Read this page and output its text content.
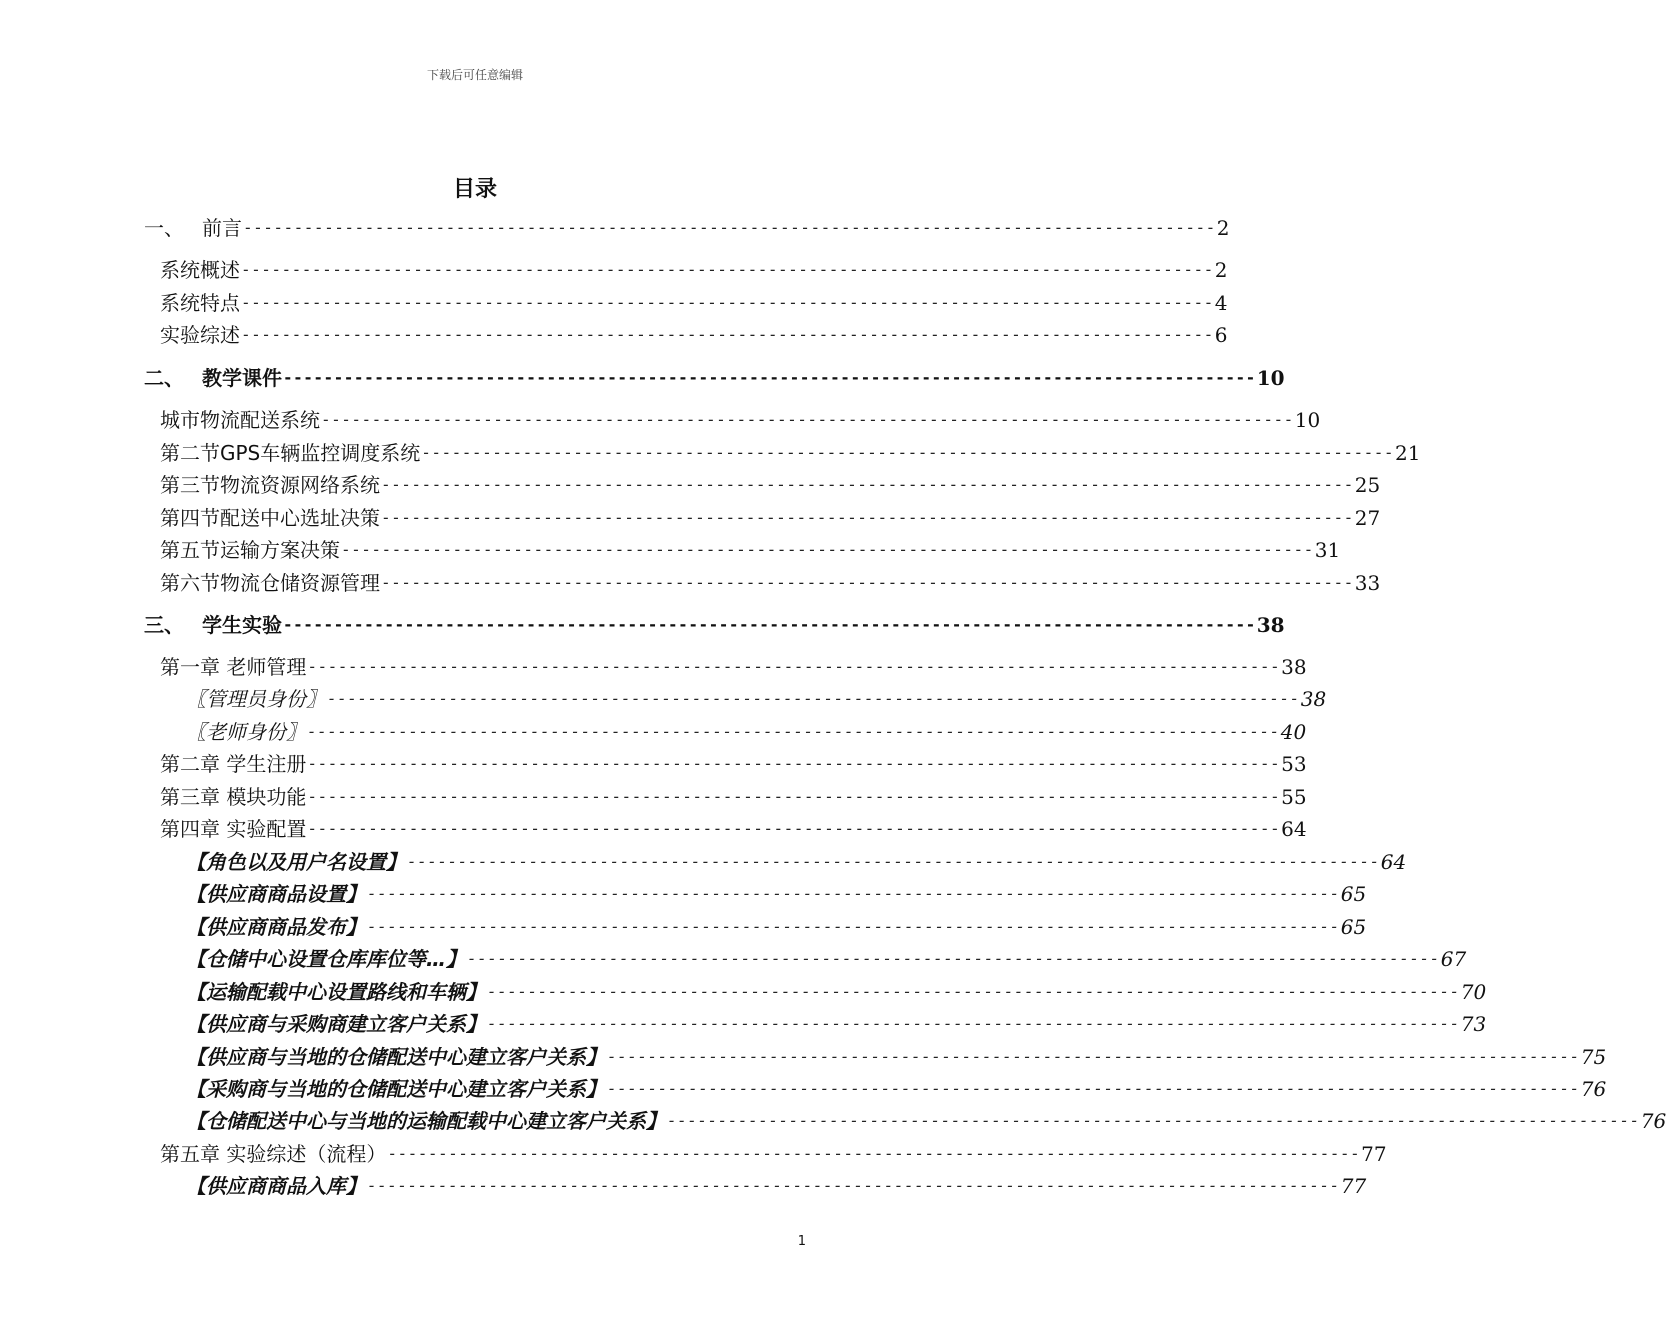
下载后可任意编辑
目录
一、 前言 ------------------------------------------------------------------------------------------------ 2
系统概述 ------------------------------------------------------------------------------------------------ 2
系统特点 ------------------------------------------------------------------------------------------------ 4
实验综述 ------------------------------------------------------------------------------------------------ 6
二、 教学课件 ------------------------------------------------------------------------------------------------ 10
城市物流配送系统 ------------------------------------------------------------------------------------------------ 10
第二节GPS车辆监控调度系统 ------------------------------------------------------------------------------------------------ 21
第三节物流资源网络系统 ------------------------------------------------------------------------------------------------ 25
第四节配送中心选址决策 ------------------------------------------------------------------------------------------------ 27
第五节运输方案决策 ------------------------------------------------------------------------------------------------ 31
第六节物流仓储资源管理 ------------------------------------------------------------------------------------------------ 33
三、 学生实验 ------------------------------------------------------------------------------------------------ 38
第一章 老师管理 ------------------------------------------------------------------------------------------------ 38
〖管理员身份〗 ------------------------------------------------------------------------------------------------ 38
〖老师身份〗 ------------------------------------------------------------------------------------------------ 40
第二章 学生注册 ------------------------------------------------------------------------------------------------ 53
第三章 模块功能 ------------------------------------------------------------------------------------------------ 55
第四章 实验配置 ------------------------------------------------------------------------------------------------ 64
【角色以及用户名设置】 ------------------------------------------------------------------------------------------------ 64
【供应商商品设置】 ------------------------------------------------------------------------------------------------ 65
【供应商商品发布】 ------------------------------------------------------------------------------------------------ 65
【仓储中心设置仓库库位等…】 ------------------------------------------------------------------------------------------------ 67
【运输配载中心设置路线和车辆】 ------------------------------------------------------------------------------------------------ 70
【供应商与采购商建立客户关系】 ------------------------------------------------------------------------------------------------ 73
【供应商与当地的仓储配送中心建立客户关系】 ------------------------------------------------------------------------------------------------ 75
【采购商与当地的仓储配送中心建立客户关系】 ------------------------------------------------------------------------------------------------ 76
【仓储配送中心与当地的运输配载中心建立客户关系】 ------------------------------------------------------------------------------------------------ 76
第五章 实验综述（流程） ------------------------------------------------------------------------------------------------ 77
【供应商商品入库】 ------------------------------------------------------------------------------------------------ 77
1
